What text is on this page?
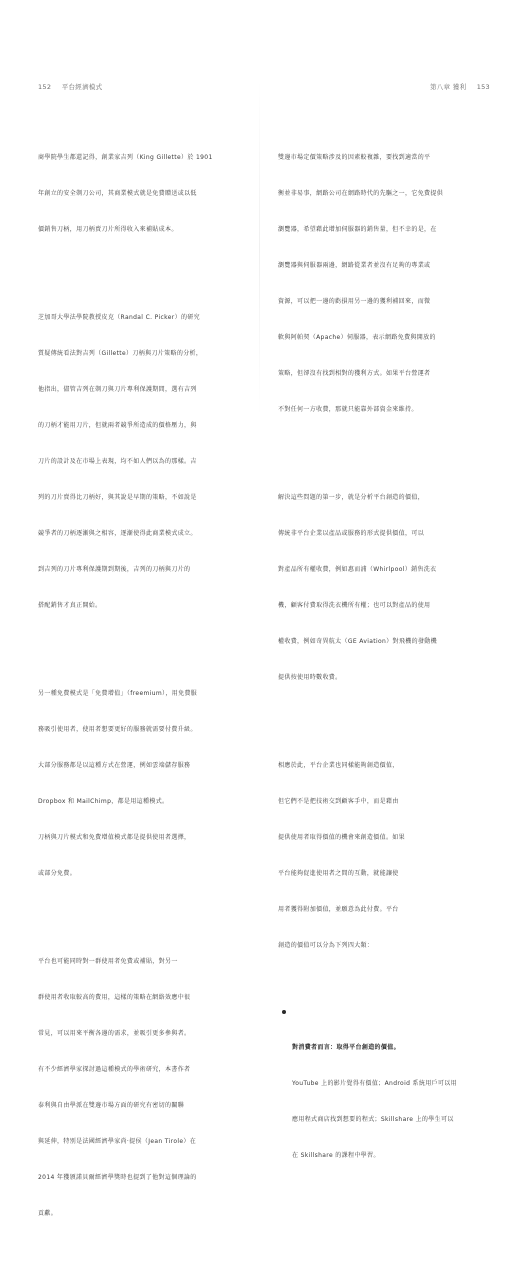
152 平台經濟模式	第八章 獲利 153

商學院學生都還記得，創業家吉列（King Gillette）於 1901

年創立的安全剃刀公司，其商業模式就是免費贈送或以低

價銷售刀柄，用刀柄賣刀片所得收入來補貼成本。

芝加哥大學法學院教授皮克（Randal C. Picker）的研究

質疑傳統看法對吉列（Gillette）刀柄與刀片策略的分析，

他指出，儘管吉列在剃刀與刀片專利保護期間，選有吉列

的刀柄才能用刀片，但就兩者競爭所造成的價格壓力，與

刀片的設計及在市場上表現，均不如人們以為的那樣。吉

列的刀片賣得比刀柄好，與其說是早期的策略，不如說是

競爭者的刀柄逐漸與之相容，逐漸使得此商業模式成立。

到吉列的刀片專利保護期到期後，吉列的刀柄與刀片的

搭配銷售才真正開始。

另一種免費模式是「免費增值」（freemium），用免費服

務吸引使用者，使用者想要更好的服務就需要付費升級。

大部分服務都是以這種方式在營運，例如雲端儲存服務

Dropbox 和 MailChimp，都是用這種模式。

刀柄與刀片模式和免費增值模式都是提供使用者選擇，

或部分免費。

平台也可能同時對一群使用者免費或補貼，對另一

群使用者收取較高的費用，這樣的策略在網絡效應中很

常見，可以用來平衡各邊的需求，並吸引更多參與者。

有不少經濟學家探討過這種模式的學術研究，本書作者

泰利與自由學派在雙邊市場方面的研究有密切的關聯

與延伸，特別是法國經濟學家尚·提侯（Jean Tirole）在

2014 年獲頒諾貝爾經濟學獎時也提到了他對這個理論的

貢獻。

雙邊市場定價策略涉及的因素較複雜，要找到適當的平

衡並非易事，網路公司在網路時代的先驅之一，它免費提供

瀏覽器，希望藉此增加伺服器的銷售量，但不幸的是，在

瀏覽器與伺服器兩邊，網路從業者並沒有足夠的專業或

資源，可以把一邊的虧損用另一邊的獲利補回來，而微

軟與阿帕契（Apache）伺服器，表示網路免費與開放的

策略，但卻沒有找到相對的獲利方式。如果平台營運者

不對任何一方收費，那就只能靠外部資金來維持。

解決這些問題的第一步，就是分析平台創造的價值，

傳統非平台企業以產品或服務的形式提供價值，可以

對產品所有權收費，例如惠而浦（Whirlpool）銷售洗衣

機，顧客付費取得洗衣機所有權；也可以對產品的使用

權收費，例如奇異航太（GE Aviation）對飛機的發動機

提供按使用時數收費。

相應於此，平台企業也同樣能夠創造價值，

但它們不是把技術交到顧客手中，而是藉由

提供使用者取得價值的機會來創造價值。如果

平台能夠促進使用者之間的互動，就能讓使

用者獲得附加價值，並願意為此付費。平台

創造的價值可以分為下列四大類：

對消費者而言：取得平台創造的價值。

YouTube 上的影片覺得有價值；Android 系統用戶可以用

應用程式商店找到想要的程式；Skillshare 上的學生可以

在 Skillshare 的課程中學習。
